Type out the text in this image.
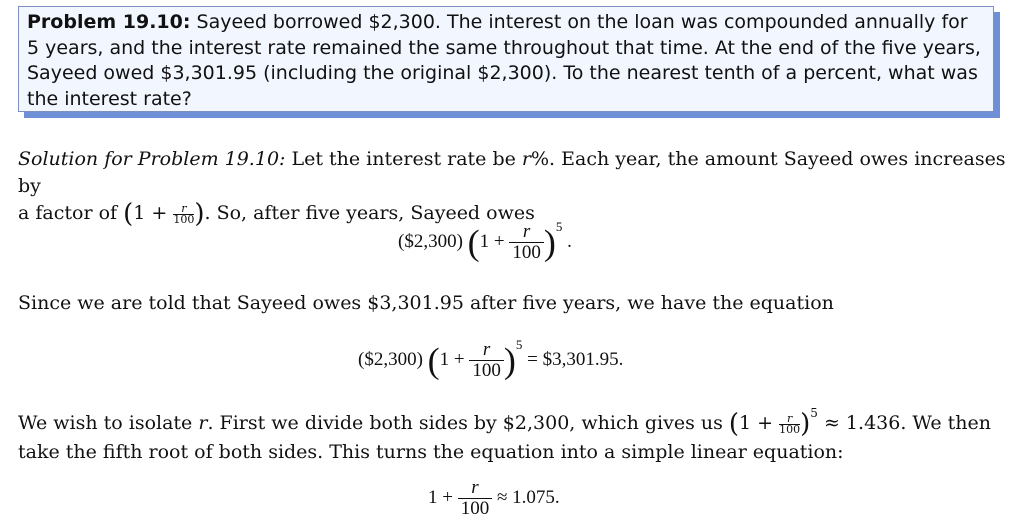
Problem 19.10: Sayeed borrowed $2,300. The interest on the loan was compounded annually for
5 years, and the interest rate remained the same throughout that time. At the end of the five years,
Sayeed owed $3,301.95 (including the original $2,300). To the nearest tenth of a percent, what was
the interest rate?
Solution for Problem 19.10: Let the interest rate be r%. Each year, the amount Sayeed owes increases by
a factor of ($1 + \frac{r}{100}$ ). So, after five years, Sayeed owes
($2,300) $(1 + \frac{r}{100} )^5$ .
Since we are told that Sayeed owes $3,301.95 after five years, we have the equation
($2,300) $(1 + \frac{r}{100} )^5$ = $3,301.95.
We wish to isolate r. First we divide both sides by $2,300, which gives us $(1 + \frac{r}{100} )^5 \approx 1.436$. We then
take the fifth root of both sides. This turns the equation into a simple linear equation:
$1 + \frac{r}{100} \approx 1.075$.
